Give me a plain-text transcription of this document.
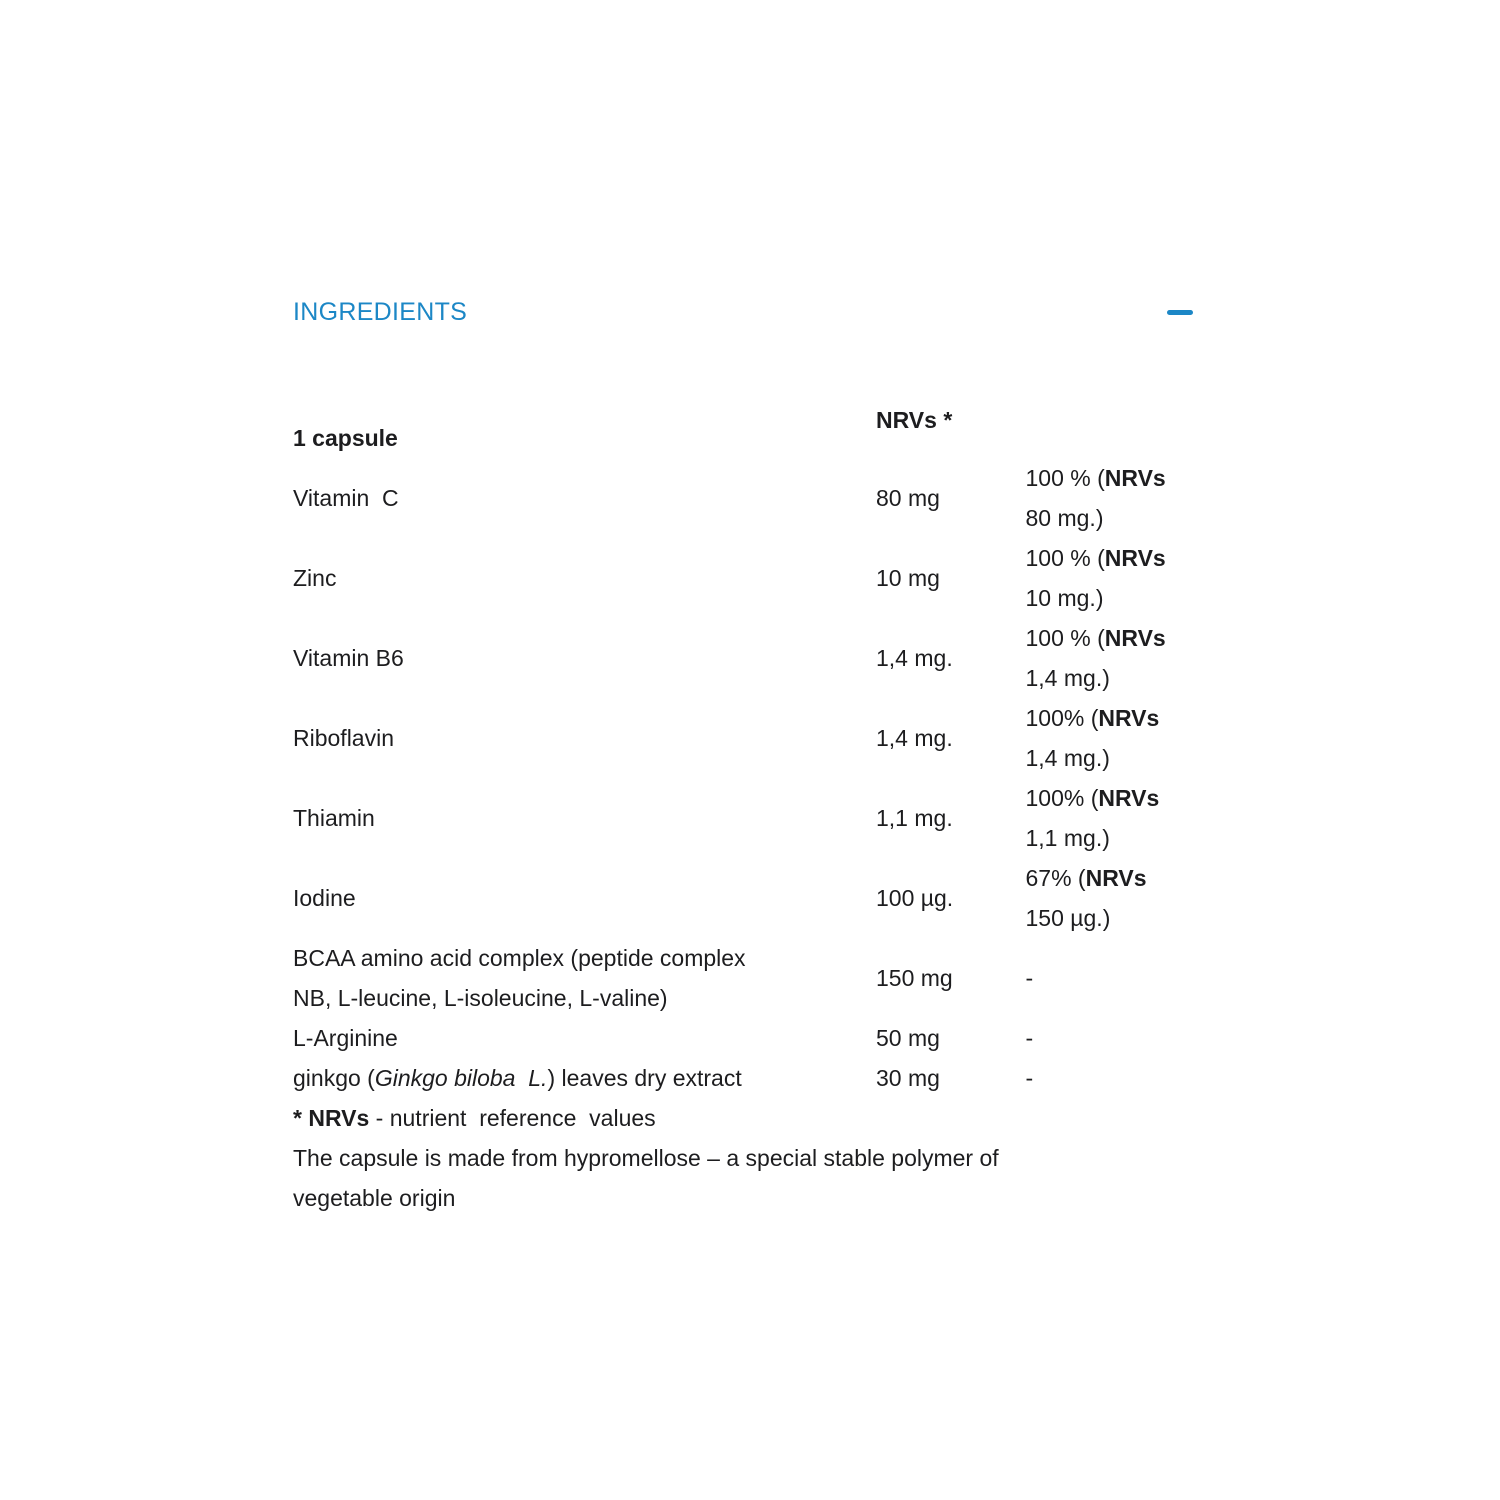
INGREDIENTS
1 capsule	NRVs *	
Vitamin  C	80 mg	100 % (NRVs 80 mg.)
Zinc	10 mg	100 % (NRVs 10 mg.)
Vitamin B6	1,4 mg.	100 % (NRVs 1,4 mg.)
Riboflavin	1,4 mg.	100% (NRVs 1,4 mg.)
Thiamin	1,1 mg.	100% (NRVs 1,1 mg.)
Iodine	100 µg.	67% (NRVs 150 µg.)
BCAA amino acid complex (peptide complex NB, L-leucine, L-isoleucine, L-valine)	150 mg	-
L-Arginine	50 mg	-
ginkgo (Ginkgo biloba  L.) leaves dry extract	30 mg	-

* NRVs - nutrient  reference  values

The capsule is made from hypromellose – a special stable polymer of vegetable origin
